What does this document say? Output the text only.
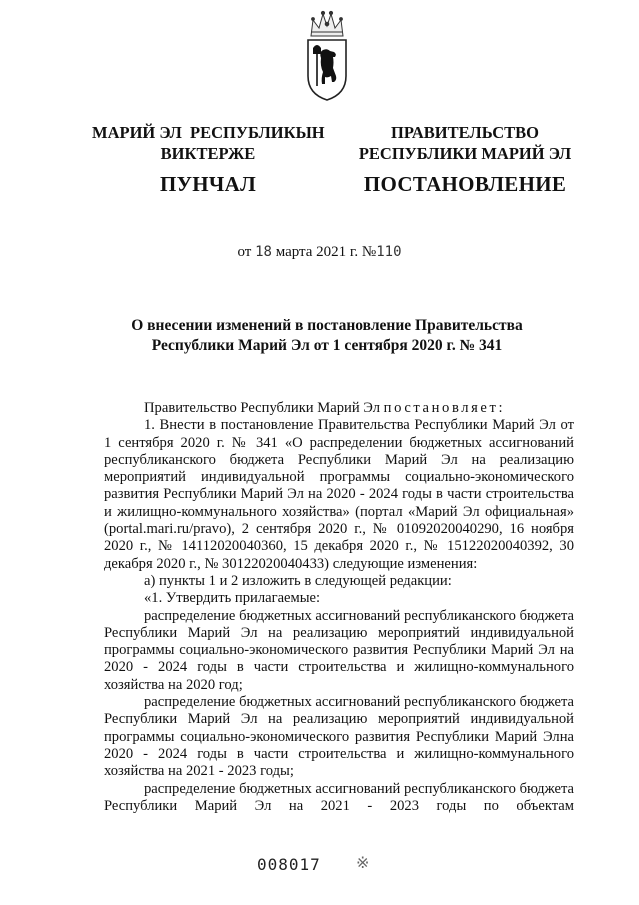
МАРИЙ ЭЛ  РЕСПУБЛИКЫН
ВИКТЕРЖЕ
ПУНЧАЛ
ПРАВИТЕЛЬСТВО
РЕСПУБЛИКИ МАРИЙ ЭЛ
ПОСТАНОВЛЕНИЕ
от 18 марта 2021 г. №110
О внесении изменений в постановление Правительства
Республики Марий Эл от 1 сентября 2020 г. № 341

Правительство Республики Марий Эл постановляет:

1. Внести в постановление Правительства Республики Марий Эл от 1 сентября 2020 г. № 341 «О распределении бюджетных ассигнований республиканского бюджета Республики Марий Эл на реализацию мероприятий индивидуальной программы социально-экономического развития Республики Марий Эл на 2020 - 2024 годы в части строительства и жилищно-коммунального хозяйства» (портал «Марий Эл официальная» (portal.mari.ru/pravo), 2 сентября 2020 г., № 01092020040290, 16 ноября 2020 г., № 14112020040360, 15 декабря 2020 г., № 15122020040392, 30 декабря 2020 г., № 30122020040433) следующие изменения:

а) пункты 1 и 2 изложить в следующей редакции:

«1. Утвердить прилагаемые:

распределение бюджетных ассигнований республиканского бюджета Республики Марий Эл на реализацию мероприятий индивидуальной программы социально-экономического развития Республики Марий Эл на 2020 - 2024 годы в части строительства и жилищно-коммунального хозяйства на 2020 год;

распределение бюджетных ассигнований республиканского бюджета Республики Марий Эл на реализацию мероприятий индивидуальной программы социально-экономического развития Республики Марий Элна 2020 - 2024 годы в части строительства и жилищно-коммунального хозяйства на 2021 - 2023 годы;

распределение бюджетных ассигнований республиканского бюджета Республики Марий Эл на 2021 - 2023 годы по объектам

008017 ※
